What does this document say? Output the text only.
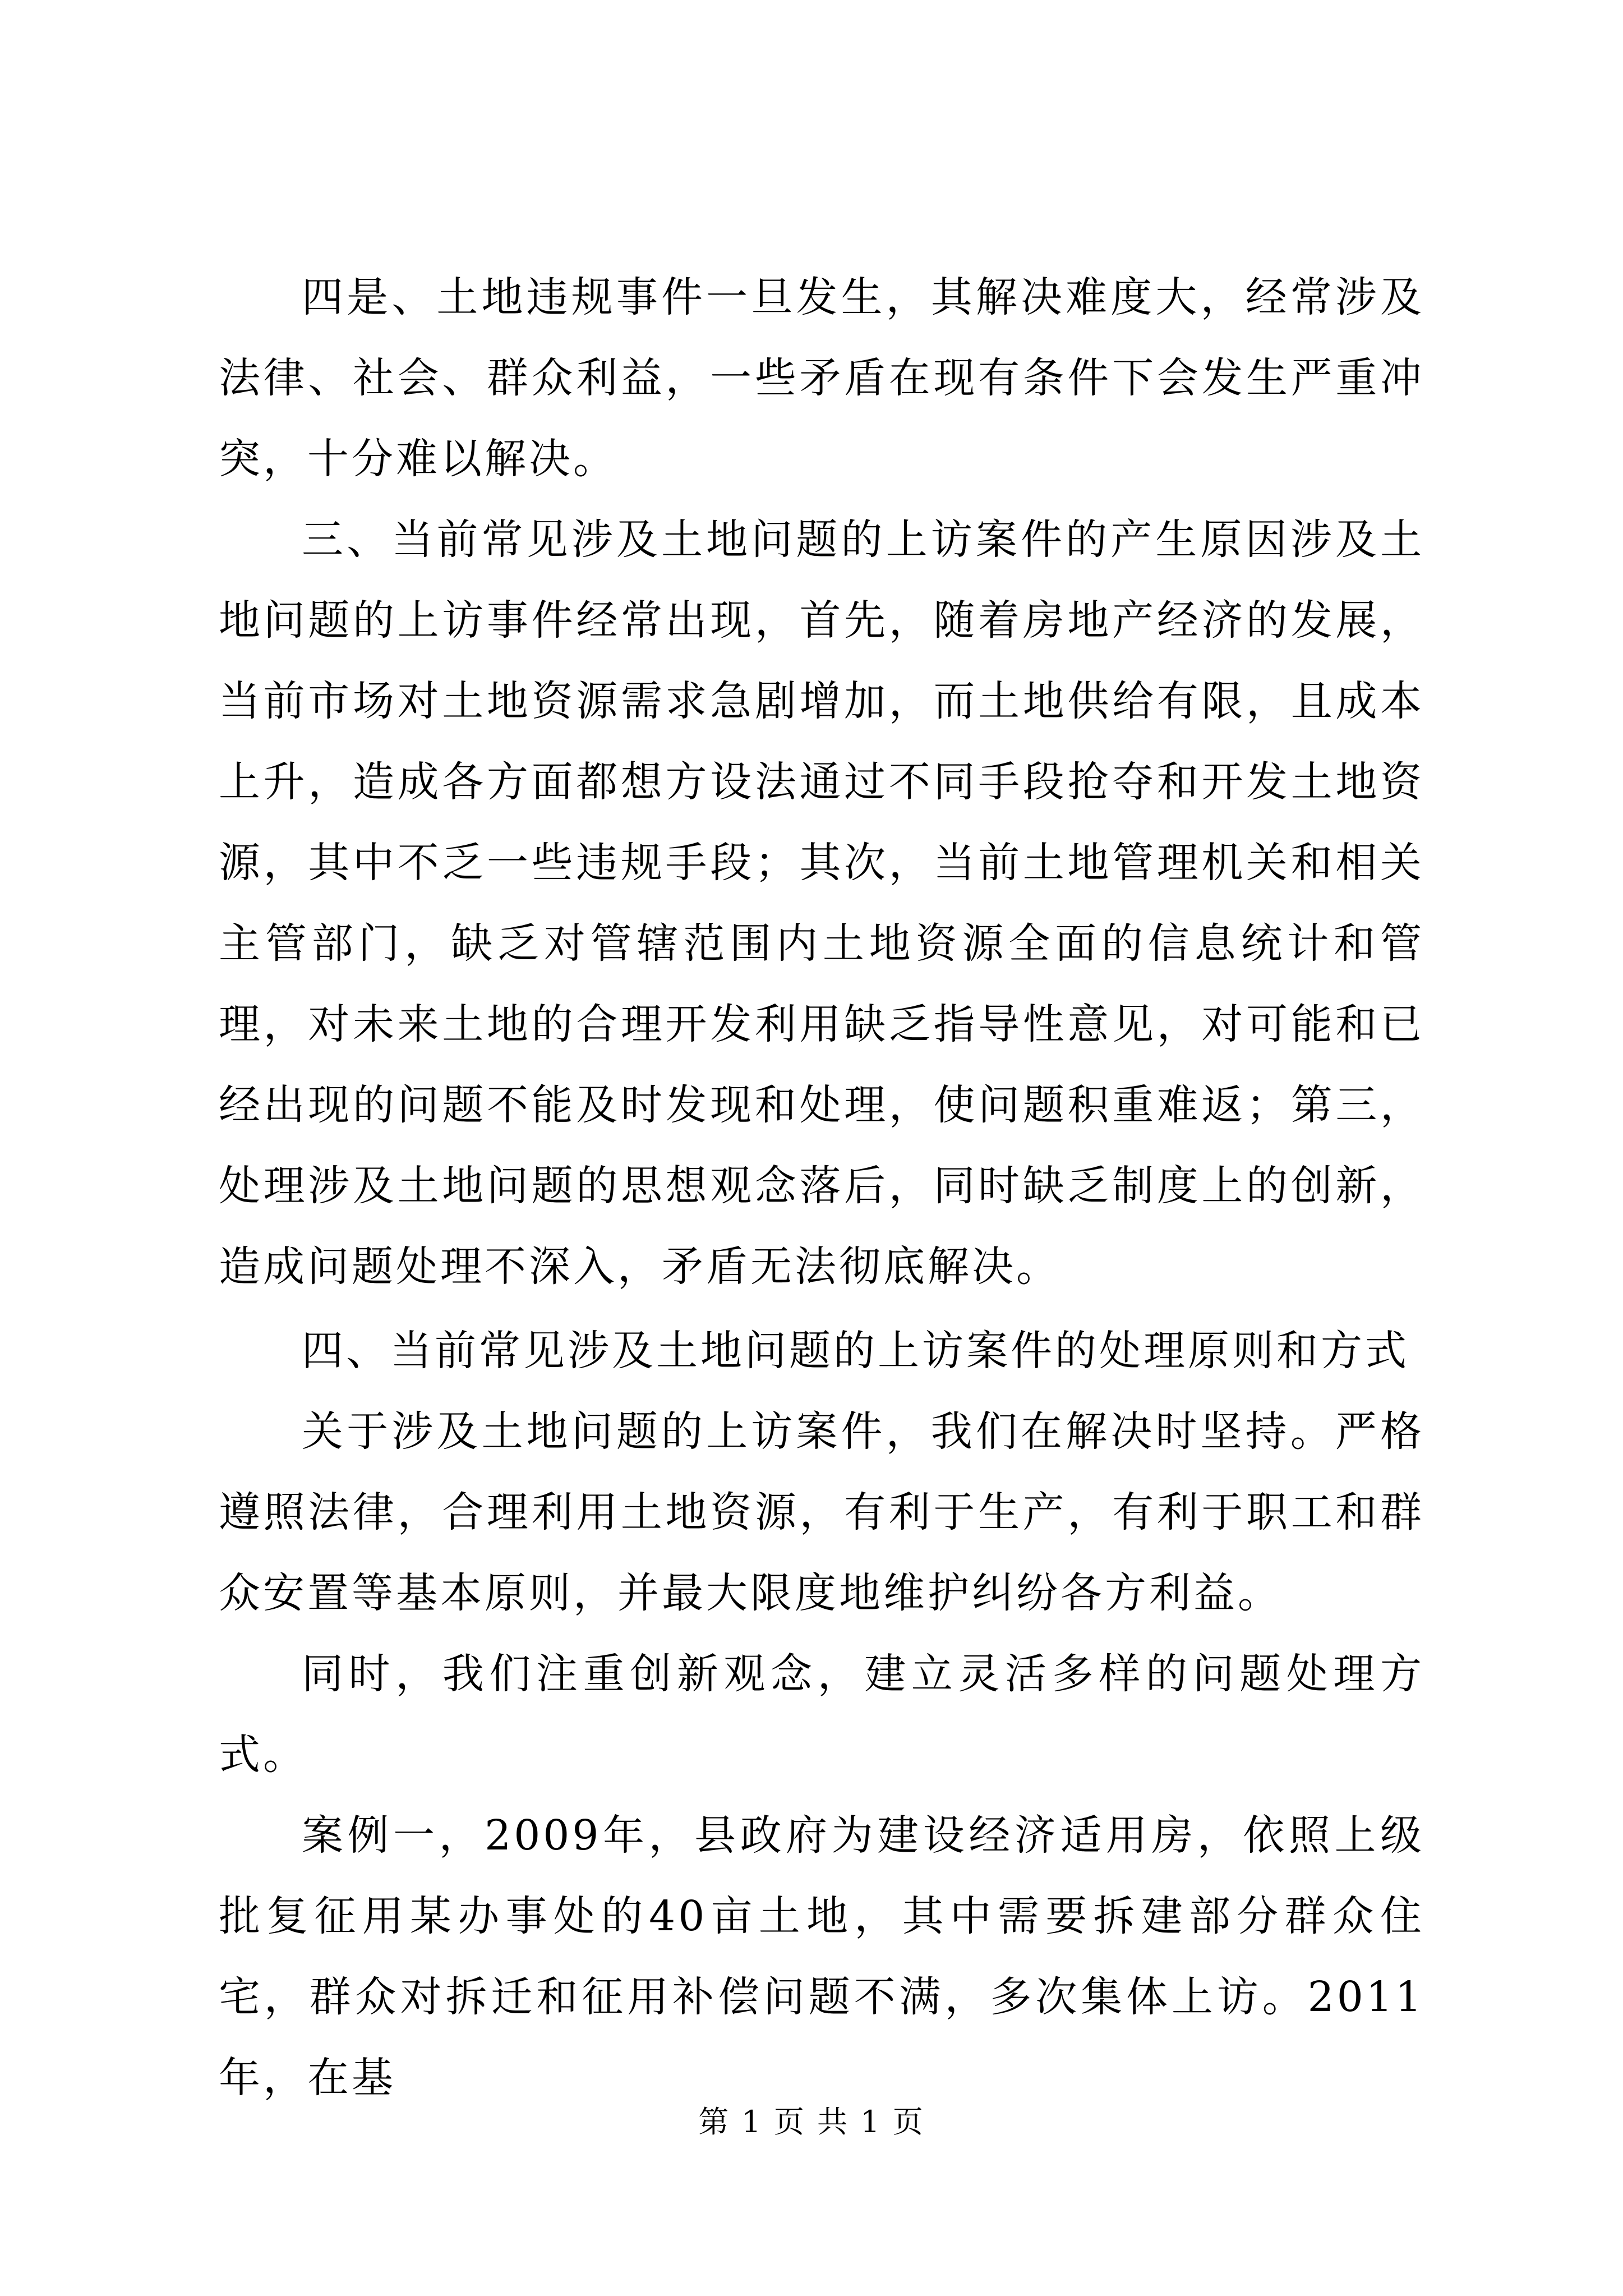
四是、土地违规事件一旦发生，其解决难度大，经常涉及法律、社会、群众利益，一些矛盾在现有条件下会发生严重冲突，十分难以解决。

三、当前常见涉及土地问题的上访案件的产生原因涉及土地问题的上访事件经常出现，首先，随着房地产经济的发展，当前市场对土地资源需求急剧增加，而土地供给有限，且成本上升，造成各方面都想方设法通过不同手段抢夺和开发土地资源，其中不乏一些违规手段；其次，当前土地管理机关和相关主管部门，缺乏对管辖范围内土地资源全面的信息统计和管理，对未来土地的合理开发利用缺乏指导性意见，对可能和已经出现的问题不能及时发现和处理，使问题积重难返；第三，处理涉及土地问题的思想观念落后，同时缺乏制度上的创新，造成问题处理不深入，矛盾无法彻底解决。

四、当前常见涉及土地问题的上访案件的处理原则和方式

关于涉及土地问题的上访案件，我们在解决时坚持。严格遵照法律，合理利用土地资源，有利于生产，有利于职工和群众安置等基本原则，并最大限度地维护纠纷各方利益。

同时，我们注重创新观念，建立灵活多样的问题处理方式。

案例一，2009年，县政府为建设经济适用房，依照上级批复征用某办事处的40亩土地，其中需要拆建部分群众住宅，群众对拆迁和征用补偿问题不满，多次集体上访。2011年，在基

第 1 页 共 1 页
